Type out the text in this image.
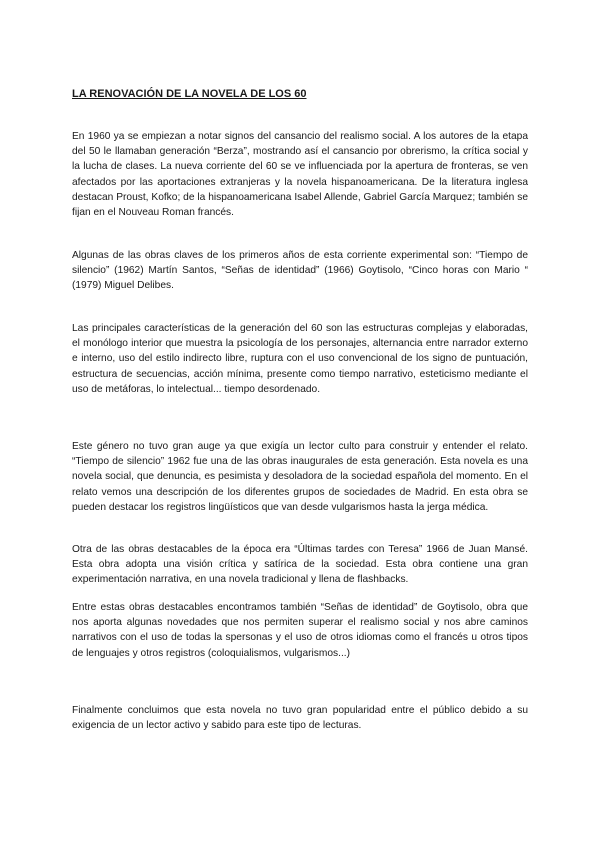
LA RENOVACIÓN DE LA NOVELA DE LOS 60

En 1960 ya se empiezan a notar signos del cansancio del realismo social. A los autores de la etapa del 50 le llamaban generación “Berza”, mostrando así el cansancio por obrerismo, la crítica social y la lucha de clases. La nueva corriente del 60 se ve influenciada por la apertura de fronteras, se ven afectados por las aportaciones extranjeras y la novela hispanoamericana. De la literatura inglesa destacan Proust, Kofko; de la hispanoamericana Isabel Allende, Gabriel García Marquez; también se fijan en el Nouveau Roman francés.

Algunas de las obras claves de los primeros años de esta corriente experimental son: “Tiempo de silencio” (1962) Martín Santos, “Señas de identidad” (1966) Goytisolo, “Cinco horas con Mario “ (1979) Miguel Delibes.

Las principales características de la generación del 60 son las estructuras complejas y elaboradas, el monólogo interior que muestra la psicología de los personajes, alternancia entre narrador externo e interno, uso del estilo indirecto libre, ruptura con el uso convencional de los signo de puntuación, estructura de secuencias, acción mínima, presente como tiempo narrativo, esteticismo mediante el uso de metáforas, lo intelectual... tiempo desordenado.

Este género no tuvo gran auge ya que exigía un lector culto para construir y entender el relato. “Tiempo de silencio” 1962 fue una de las obras inaugurales de esta generación. Esta novela es una novela social, que denuncia, es pesimista y desoladora de la sociedad española del momento. En el relato vemos una descripción de los diferentes grupos de sociedades de Madrid. En esta obra se pueden destacar los registros lingüísticos que van desde vulgarismos hasta la jerga médica.

Otra de las obras destacables de la época era “Últimas tardes con Teresa” 1966 de Juan Mansé. Esta obra adopta una visión crítica y satírica de la sociedad. Esta obra contiene una gran experimentación narrativa, en una novela tradicional y llena de flashbacks.

Entre estas obras destacables encontramos también “Señas de identidad” de Goytisolo, obra que nos aporta algunas novedades que nos permiten superar el realismo social y nos abre caminos narrativos con el uso de todas la spersonas y el uso de otros idiomas como el francés u otros tipos de lenguajes y otros registros (coloquialismos, vulgarismos...)

Finalmente concluimos que esta novela no tuvo gran popularidad entre el público debido a su exigencia de un lector activo y sabido para este tipo de lecturas.
